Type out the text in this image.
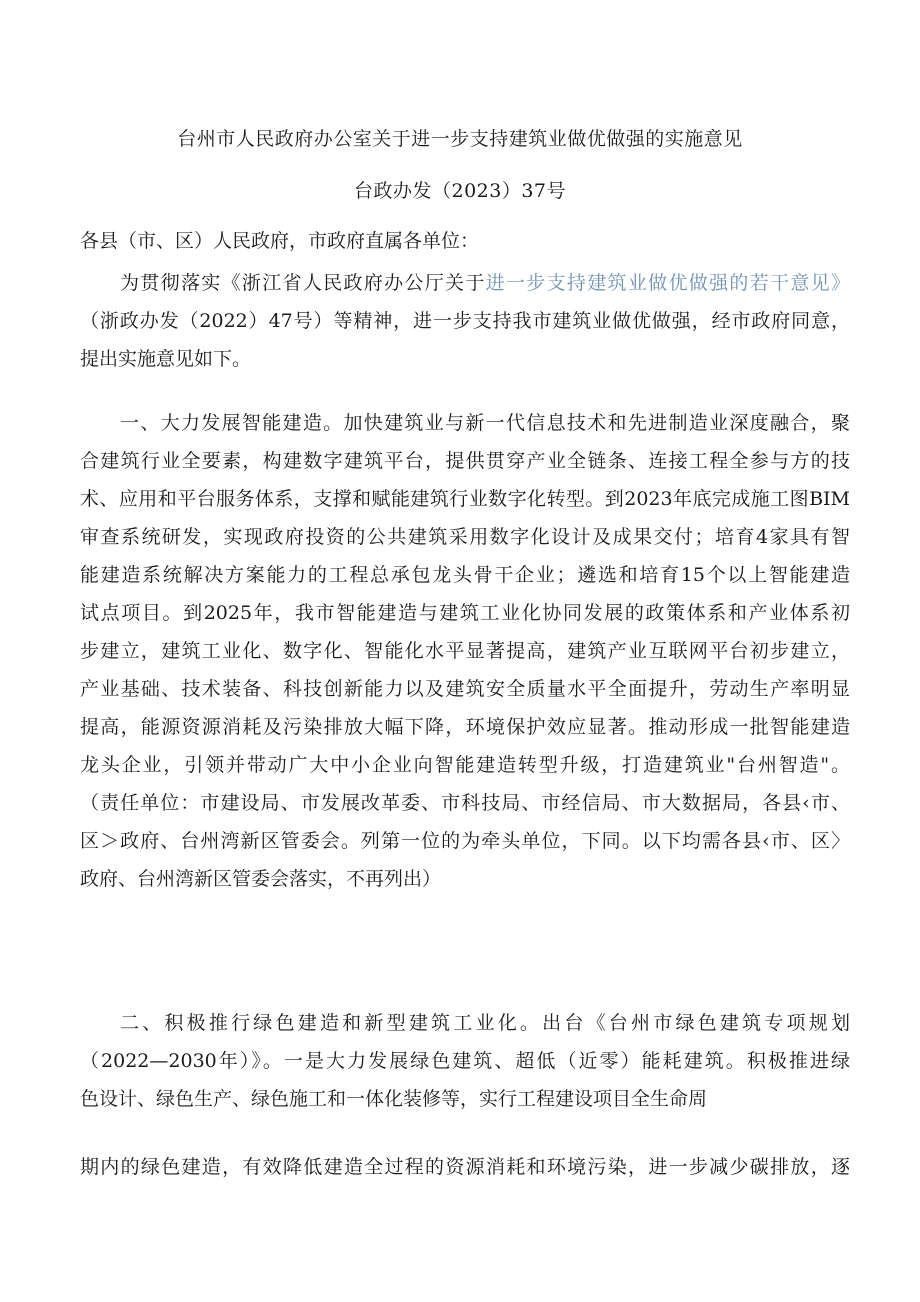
台州市人民政府办公室关于进一步支持建筑业做优做强的实施意见
台政办发（2023）37号
各县（市、区）人民政府，市政府直属各单位：
为贯彻落实《浙江省人民政府办公厅关于进一步支持建筑业做优做强的若干意见》
（浙政办发（2022）47号）等精神，进一步支持我市建筑业做优做强，经市政府同意，
提出实施意见如下。
一、大力发展智能建造。加快建筑业与新一代信息技术和先进制造业深度融合，聚
合建筑行业全要素，构建数字建筑平台，提供贯穿产业全链条、连接工程全参与方的技
术、应用和平台服务体系，支撑和赋能建筑行业数字化转型。到2023年底完成施工图BIM
审查系统研发，实现政府投资的公共建筑采用数字化设计及成果交付；培育4家具有智
能建造系统解决方案能力的工程总承包龙头骨干企业；遴选和培育15个以上智能建造
试点项目。到2025年，我市智能建造与建筑工业化协同发展的政策体系和产业体系初
步建立，建筑工业化、数字化、智能化水平显著提高，建筑产业互联网平台初步建立，
产业基础、技术装备、科技创新能力以及建筑安全质量水平全面提升，劳动生产率明显
提高，能源资源消耗及污染排放大幅下降，环境保护效应显著。推动形成一批智能建造
龙头企业，引领并带动广大中小企业向智能建造转型升级，打造建筑业"台州智造"。
（责任单位：市建设局、市发展改革委、市科技局、市经信局、市大数据局，各县‹市、
区＞政府、台州湾新区管委会。列第一位的为牵头单位，下同。以下均需各县‹市、区〉
政府、台州湾新区管委会落实，不再列出）
二、积极推行绿色建造和新型建筑工业化。出台《台州市绿色建筑专项规划
（2022—2030年）》。一是大力发展绿色建筑、超低（近零）能耗建筑。积极推进绿
色设计、绿色生产、绿色施工和一体化装修等，实行工程建设项目全生命周
期内的绿色建造，有效降低建造全过程的资源消耗和环境污染，进一步减少碳排放，逐
